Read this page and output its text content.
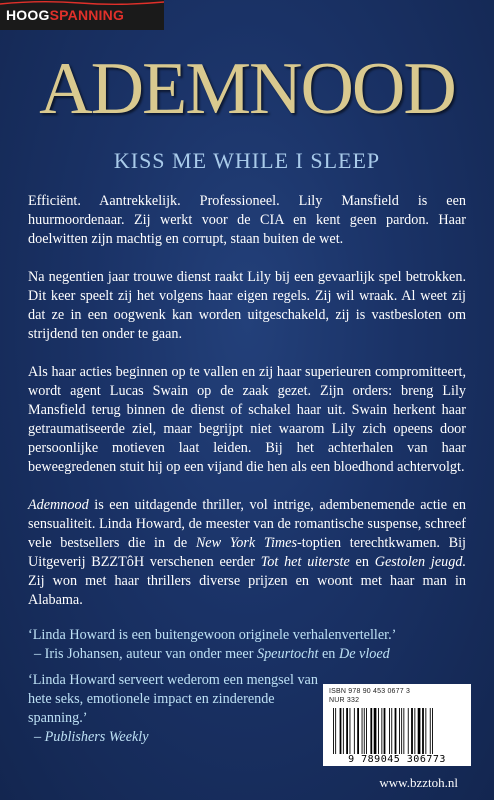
HOOGSPANNING
ADEMNOOD
KISS ME WHILE I SLEEP

Efficiënt. Aantrekkelijk. Professioneel. Lily Mansfield is een huurmoordenaar. Zij werkt voor de CIA en kent geen pardon. Haar doelwitten zijn machtig en corrupt, staan buiten de wet.

Na negentien jaar trouwe dienst raakt Lily bij een gevaarlijk spel betrokken. Dit keer speelt zij het volgens haar eigen regels. Zij wil wraak. Al weet zij dat ze in een oogwenk kan worden uitgeschakeld, zij is vastbesloten om strijdend ten onder te gaan.

Als haar acties beginnen op te vallen en zij haar superieuren compromitteert, wordt agent Lucas Swain op de zaak gezet. Zijn orders: breng Lily Mansfield terug binnen de dienst of schakel haar uit. Swain herkent haar getraumatiseerde ziel, maar begrijpt niet waarom Lily zich opeens door persoonlijke motieven laat leiden. Bij het achterhalen van haar beweegredenen stuit hij op een vijand die hen als een bloedhond achtervolgt.

Ademnood is een uitdagende thriller, vol intrige, adembenemende actie en sensualiteit. Linda Howard, de meester van de romantische suspense, schreef vele bestsellers die in de New York Times-toptien terechtkwamen. Bij Uitgeverij BZZTôH verschenen eerder Tot het uiterste en Gestolen jeugd. Zij won met haar thrillers diverse prijzen en woont met haar man in Alabama.

‘Linda Howard is een buitengewoon originele verhalenverteller.’

– Iris Johansen, auteur van onder meer Speurtocht en De vloed

‘Linda Howard serveert wederom een mengsel van hete seks, emotionele impact en zinderende spanning.’

– Publishers Weekly

ISBN 978 90 453 0677 3
NUR 332
9 789045 306773
www.bzztoh.nl
